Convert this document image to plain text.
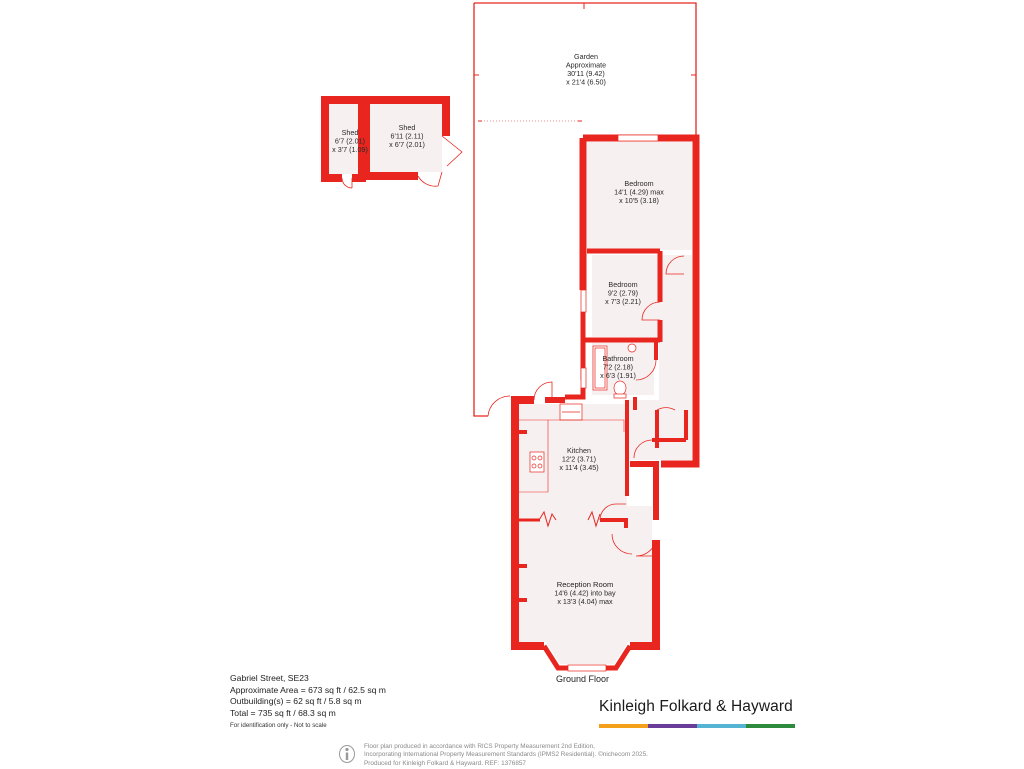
Garden
Approximate
30'11 (9.42)
x 21'4 (6.50)
Shed
6'7 (2.01)
x 3'7 (1.09)
Shed
6'11 (2.11)
x 6'7 (2.01)
Bedroom
14'1 (4.29) max
x 10'5 (3.18)
Bedroom
9'2 (2.79)
x 7'3 (2.21)
Bathroom
7'2 (2.18)
x 6'3 (1.91)
Kitchen
12'2 (3.71)
x 11'4 (3.45)
Reception Room
14'6 (4.42) into bay
x 13'3 (4.04) max
Ground Floor
Gabriel Street, SE23
Approximate Area = 673 sq ft / 62.5 sq m
Outbuilding(s) = 62 sq ft / 5.8 sq m
Total = 735 sq ft / 68.3 sq m
For identification only - Not to scale
Kinleigh Folkard & Hayward
Floor plan produced in accordance with RICS Property Measurement 2nd Edition,
Incorporating International Property Measurement Standards (IPMS2 Residential). ©nichecom 2025.
Produced for Kinleigh Folkard & Hayward. REF: 1376857
